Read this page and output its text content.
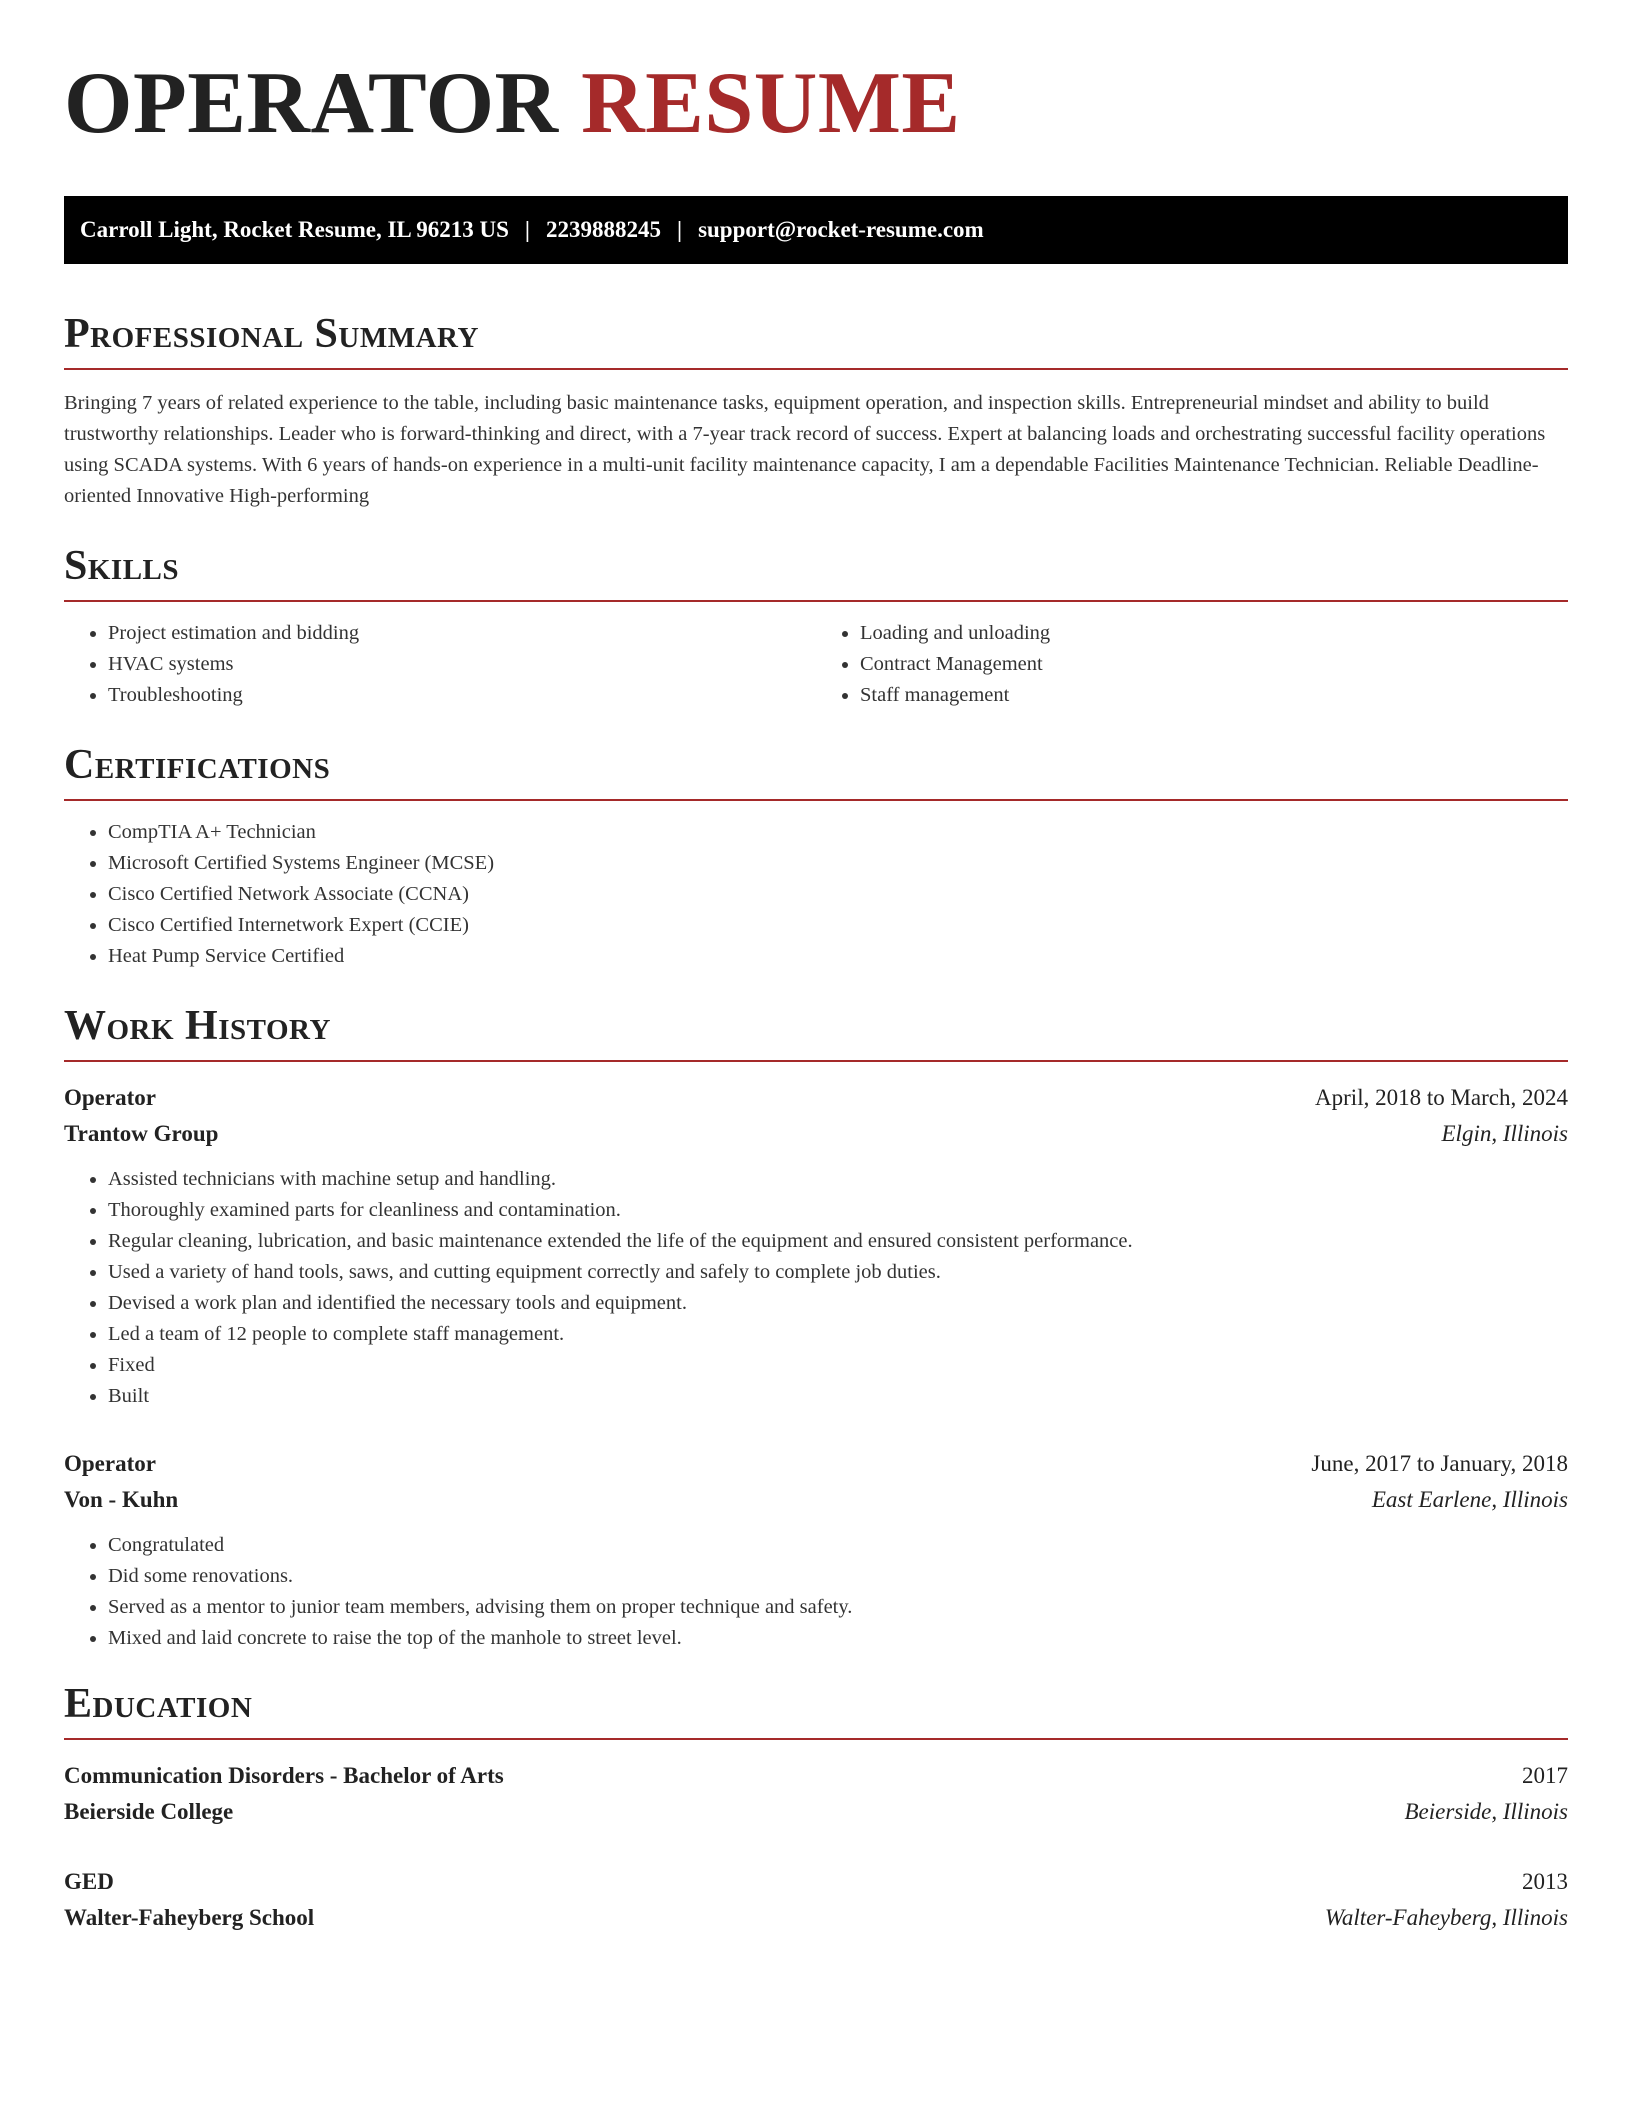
OPERATOR RESUME
Carroll Light, Rocket Resume, IL 96213 US | 2239888245 | support@rocket-resume.com
Professional Summary

Bringing 7 years of related experience to the table, including basic maintenance tasks, equipment operation, and inspection skills. Entrepreneurial mindset and ability to build trustworthy relationships. Leader who is forward-thinking and direct, with a 7-year track record of success. Expert at balancing loads and orchestrating successful facility operations using SCADA systems. With 6 years of hands-on experience in a multi-unit facility maintenance capacity, I am a dependable Facilities Maintenance Technician. Reliable Deadline-oriented Innovative High-performing

Skills
• Project estimation and bidding
• HVAC systems
• Troubleshooting
• Loading and unloading
• Contract Management
• Staff management
Certifications
• CompTIA A+ Technician
• Microsoft Certified Systems Engineer (MCSE)
• Cisco Certified Network Associate (CCNA)
• Cisco Certified Internetwork Expert (CCIE)
• Heat Pump Service Certified
Work History
Operator	April, 2018 to March, 2024
Trantow Group	Elgin, Illinois
• Assisted technicians with machine setup and handling.
• Thoroughly examined parts for cleanliness and contamination.
• Regular cleaning, lubrication, and basic maintenance extended the life of the equipment and ensured consistent performance.
• Used a variety of hand tools, saws, and cutting equipment correctly and safely to complete job duties.
• Devised a work plan and identified the necessary tools and equipment.
• Led a team of 12 people to complete staff management.
• Fixed
• Built
Operator	June, 2017 to January, 2018
Von - Kuhn	East Earlene, Illinois
• Congratulated
• Did some renovations.
• Served as a mentor to junior team members, advising them on proper technique and safety.
• Mixed and laid concrete to raise the top of the manhole to street level.
Education
Communication Disorders - Bachelor of Arts	2017
Beierside College	Beierside, Illinois
GED	2013
Walter-Faheyberg School	Walter-Faheyberg, Illinois
